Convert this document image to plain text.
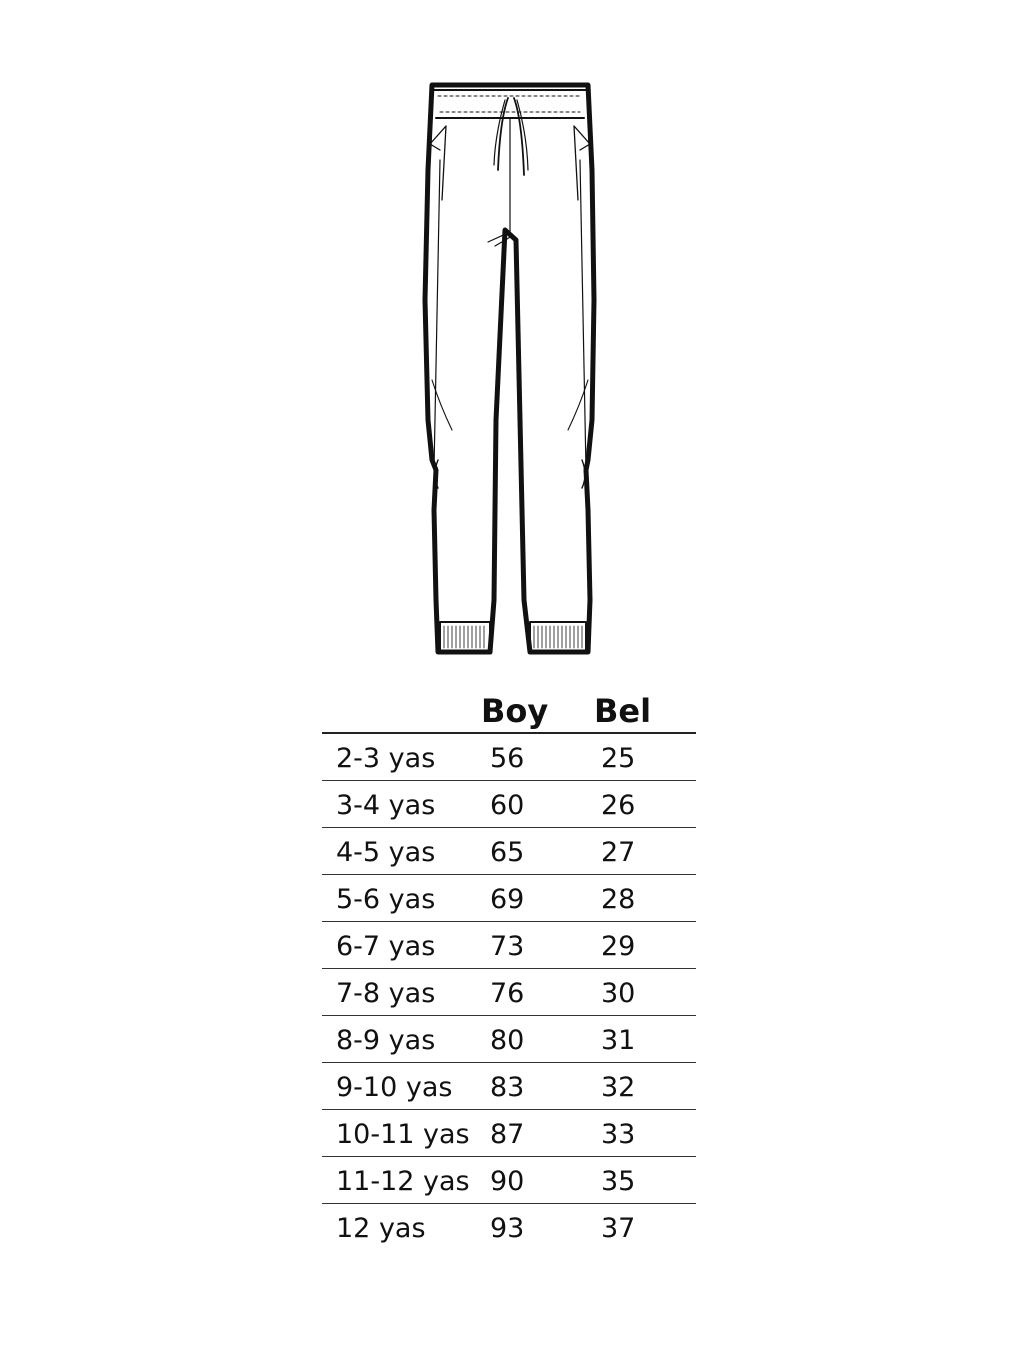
Boy Bel
2-3 yas 56	25
3-4 yas 60	26
4-5 yas 65	27
5-6 yas 69	28
6-7 yas 73	29
7-8 yas 76	30
8-9 yas 80	31
9-10 yas 83	32
10-11 yas 87	33
11-12 yas 90	35
12 yas 93	37
